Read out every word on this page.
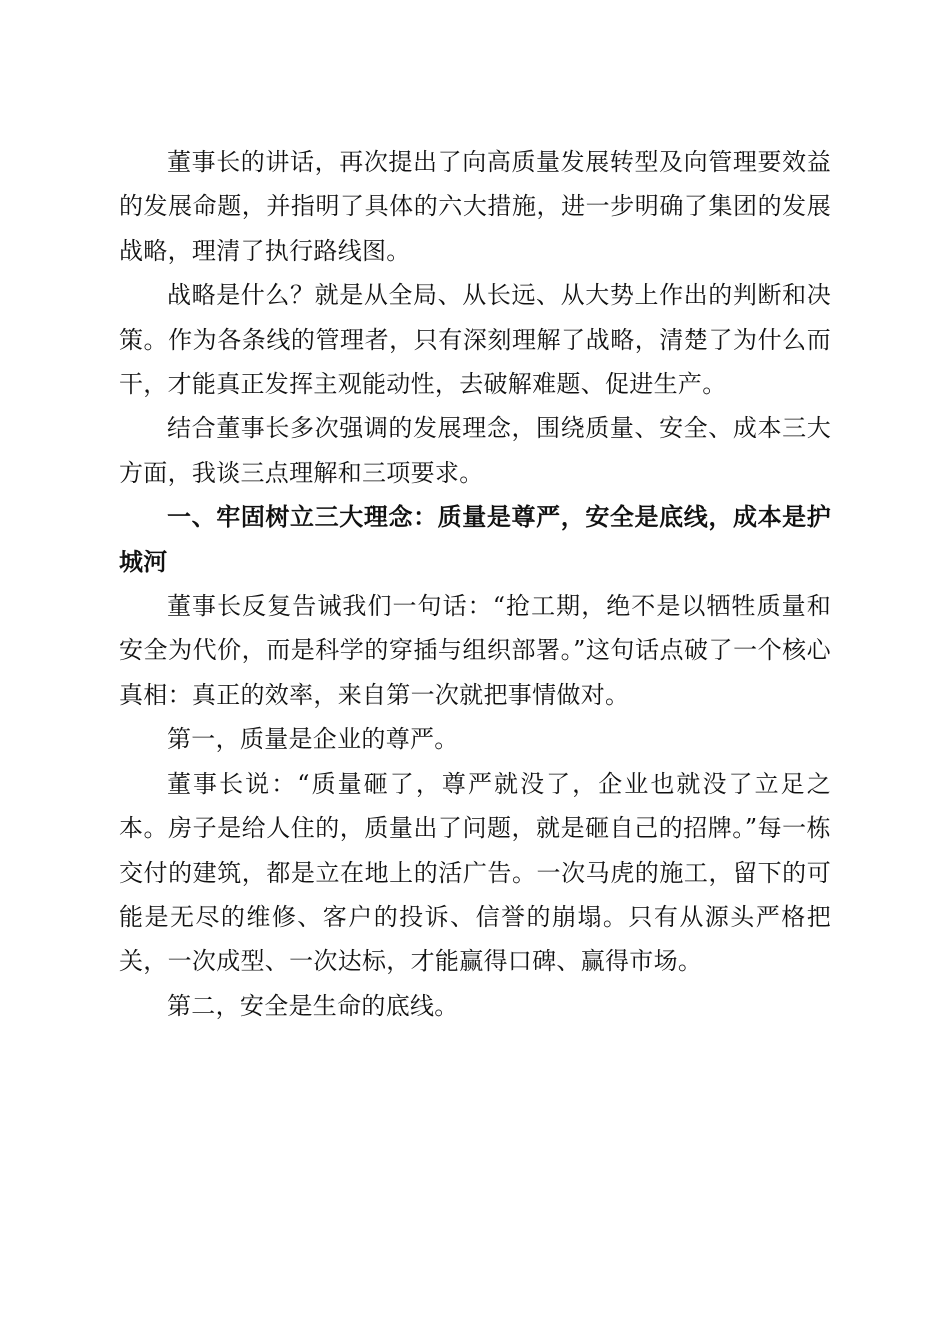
董事长的讲话，再次提出了向高质量发展转型及向管理要效益的发展命题，并指明了具体的六大措施，进一步明确了集团的发展战略，理清了执行路线图。

战略是什么？就是从全局、从长远、从大势上作出的判断和决策。作为各条线的管理者，只有深刻理解了战略，清楚了为什么而干，才能真正发挥主观能动性，去破解难题、促进生产。

结合董事长多次强调的发展理念，围绕质量、安全、成本三大方面，我谈三点理解和三项要求。

一、牢固树立三大理念：质量是尊严，安全是底线，成本是护城河

董事长反复告诫我们一句话：“抢工期，绝不是以牺牲质量和安全为代价，而是科学的穿插与组织部署。”这句话点破了一个核心真相：真正的效率，来自第一次就把事情做对。

第一，质量是企业的尊严。

董事长说：“质量砸了，尊严就没了，企业也就没了立足之本。房子是给人住的，质量出了问题，就是砸自己的招牌。”每一栋交付的建筑，都是立在地上的活广告。一次马虎的施工，留下的可能是无尽的维修、客户的投诉、信誉的崩塌。只有从源头严格把关，一次成型、一次达标，才能赢得口碑、赢得市场。

第二，安全是生命的底线。
